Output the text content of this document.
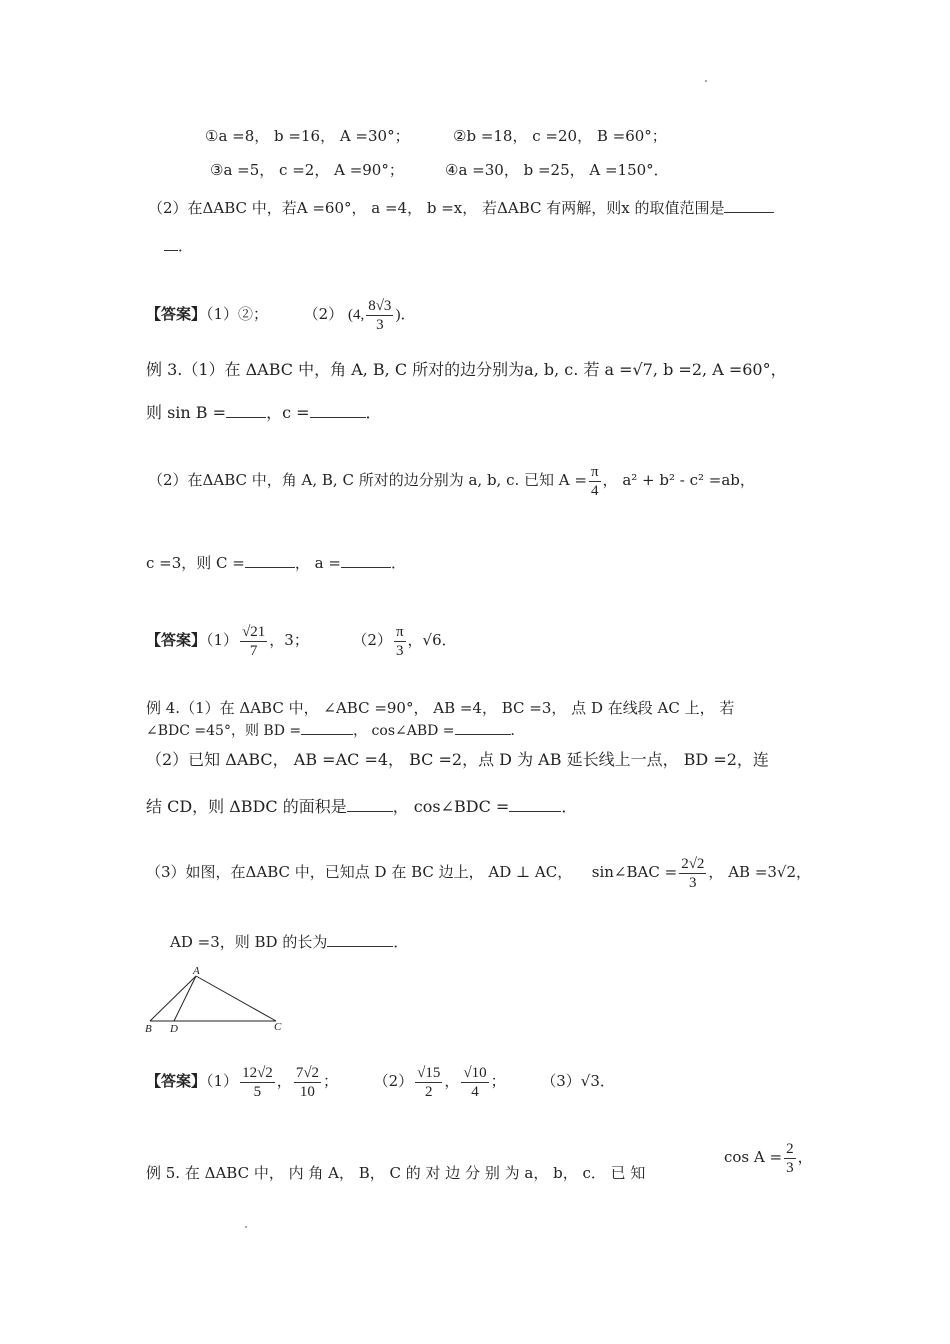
①a =8， b =16， A =30°；	②b =18， c =20， B =60°；
③a =5， c =2， A =90°；	④a =30， b =25， A =150°．
（2）在ΔABC 中，若A =60°， a =4， b =x， 若ΔABC 有两解，则x 的取值范围是
．
【答案】（1）②； （2） (4, $\frac{8√3}{3}$ )．
例 3.（1）在 ΔABC 中，角 A, B, C 所对的边分别为a, b, c. 若 a =√7, b =2, A =60°，
则 sin B =	，c =	．
（2）在ΔABC 中，角 A, B, C 所对的边分别为 a, b, c. 已知 $A = \frac{\pi}{4}$ ， a² + b² - c² =ab，
c =3，则 C =	， a =	．
【答案】$(1) \frac{√21}{7}$ ，3；	$(2) \frac{\pi}{3}$ ，√6．
例 4.（1）在 ΔABC 中， ∠ABC =90°， AB =4， BC =3， 点 D 在线段 AC 上， 若
∠BDC =45°，则 BD =	， cos∠ABD =	．
（2）已知 ΔABC， AB =AC =4， BC =2，点 D 为 AB 延长线上一点， BD =2，连
结 CD，则 ΔBDC 的面积是	， cos∠BDC =	．
（3）如图，在ΔABC 中，已知点 D 在 BC 边上， AD ⊥ AC， sin∠BAC = $\frac{2√2}{3}$ ， AB =3√2，
AD =3，则 BD 的长为	．
A
B D	C
【答案】$(1) \frac{12√2}{5}$ ， $\frac{7√2}{10}$ ； $(2) \frac{√15}{2}$ ， $\frac{√10}{4}$ ； （3）√3．
例 5. 在 ΔABC 中， 内 角 A， B， C 的 对 边 分 别 为 a， b， c． 已 知
$\cos A = \frac{2}{3}$ ，
